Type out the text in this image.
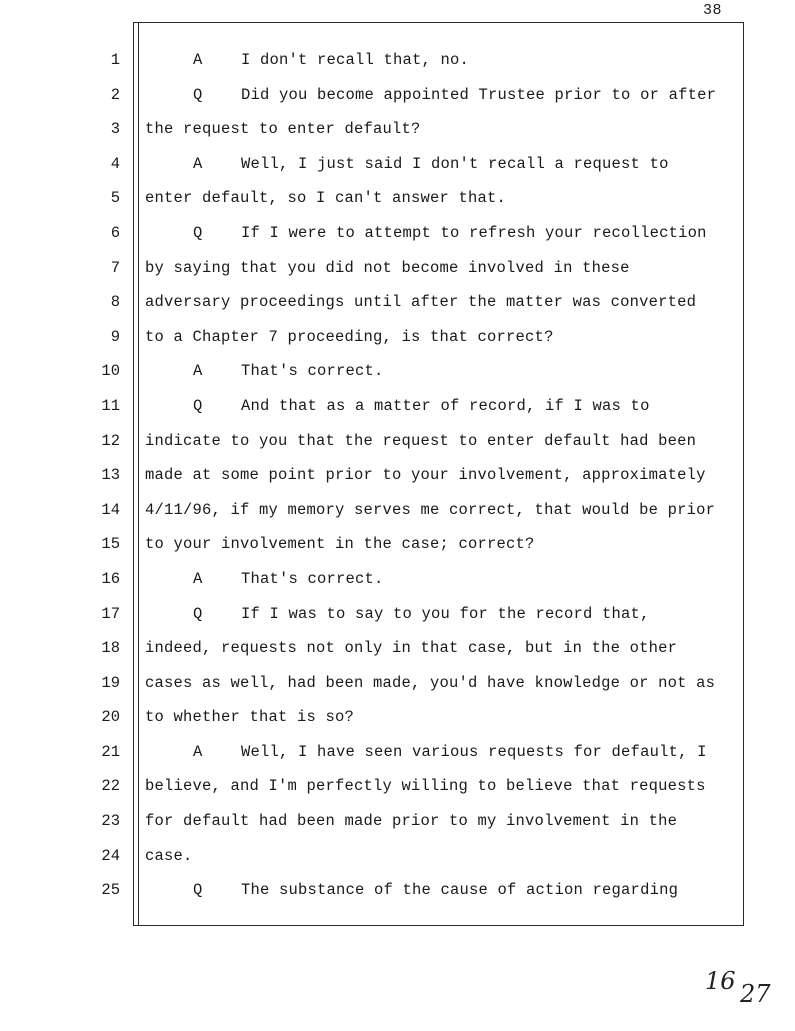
38
1	A I don't recall that, no.
2	Q Did you become appointed Trustee prior to or after
3 the request to enter default?
4	A Well, I just said I don't recall a request to
5 enter default, so I can't answer that.
6	Q If I were to attempt to refresh your recollection
7 by saying that you did not become involved in these
8 adversary proceedings until after the matter was converted
9 to a Chapter 7 proceeding, is that correct?
10	A That's correct.
11	Q And that as a matter of record, if I was to
12 indicate to you that the request to enter default had been
13 made at some point prior to your involvement, approximately
14 4/11/96, if my memory serves me correct, that would be prior
15 to your involvement in the case; correct?
16	A That's correct.
17	Q If I was to say to you for the record that,
18 indeed, requests not only in that case, but in the other
19 cases as well, had been made, you'd have knowledge or not as
20 to whether that is so?
21	A Well, I have seen various requests for default, I
22 believe, and I'm perfectly willing to believe that requests
23 for default had been made prior to my involvement in the
24 case.
25	Q The substance of the cause of action regarding
16 27
